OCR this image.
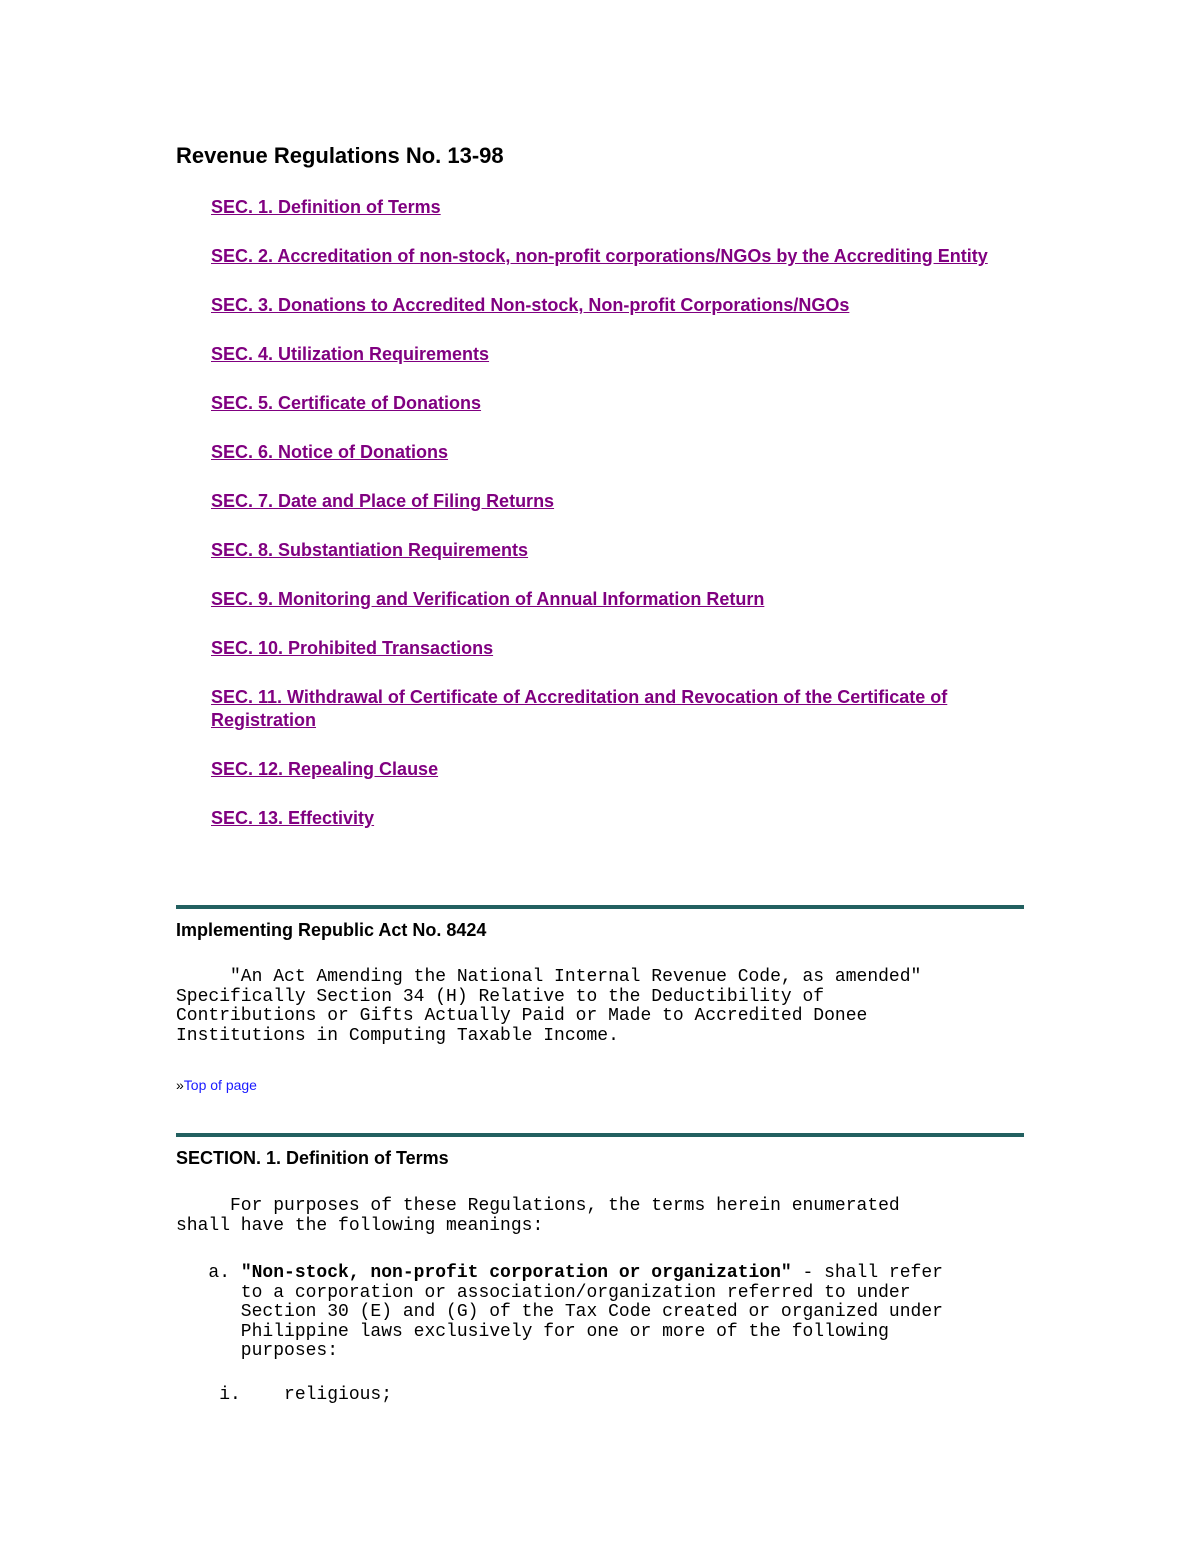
Revenue Regulations No. 13-98
SEC. 1. Definition of Terms
SEC. 2. Accreditation of non-stock, non-profit corporations/NGOs by the Accrediting Entity
SEC. 3. Donations to Accredited Non-stock, Non-profit Corporations/NGOs
SEC. 4. Utilization Requirements
SEC. 5. Certificate of Donations
SEC. 6. Notice of Donations
SEC. 7. Date and Place of Filing Returns
SEC. 8. Substantiation Requirements
SEC. 9. Monitoring and Verification of Annual Information Return
SEC. 10. Prohibited Transactions
SEC. 11. Withdrawal of Certificate of Accreditation and Revocation of the Certificate of Registration
SEC. 12. Repealing Clause
SEC. 13. Effectivity
Implementing Republic Act No. 8424
"An Act Amending the National Internal Revenue Code, as amended"
Specifically Section 34 (H) Relative to the Deductibility of
Contributions or Gifts Actually Paid or Made to Accredited Donee
Institutions in Computing Taxable Income.
»Top of page
SECTION. 1. Definition of Terms
For purposes of these Regulations, the terms herein enumerated
shall have the following meanings:
a. "Non-stock, non-profit corporation or organization" - shall refer
to a corporation or association/organization referred to under
Section 30 (E) and (G) of the Tax Code created or organized under
Philippine laws exclusively for one or more of the following
purposes:
i.    religious;
